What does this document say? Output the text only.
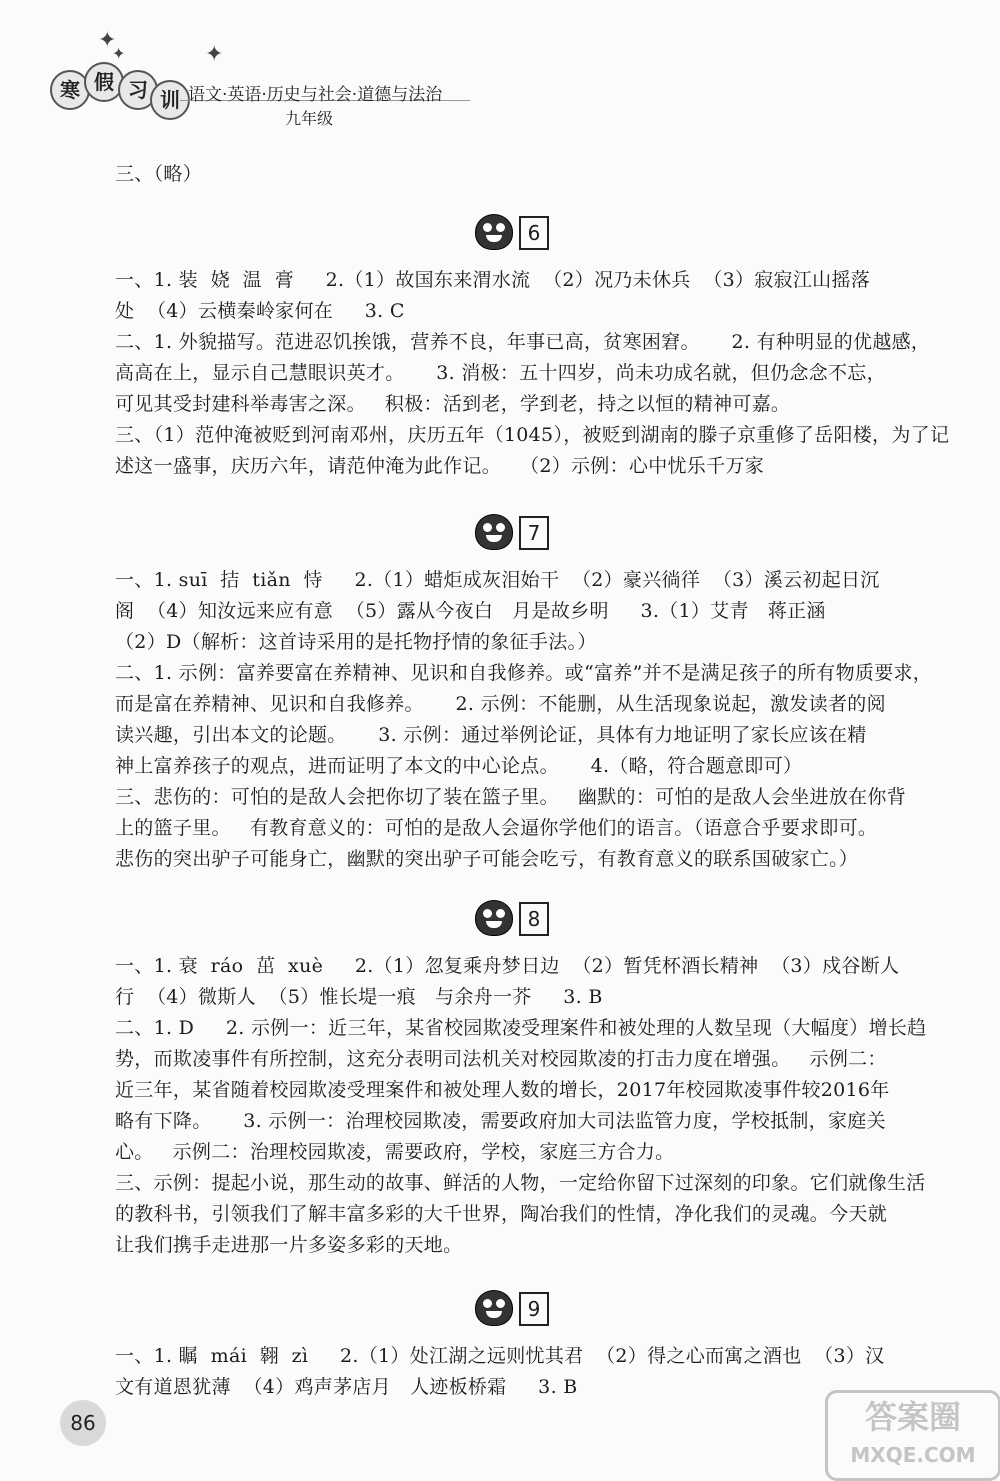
✦
✦	✦
寒 假 习 训 语文·英语·历史与社会·道德与法治
九年级
三、（略）
6
一、1. 装  娆  温  膏     2.（1）故国东来渭水流  （2）况乃未休兵  （3）寂寂江山摇落
处  （4）云横秦岭家何在     3. C
二、1. 外貌描写。范进忍饥挨饿，营养不良，年事已高，贫寒困窘。     2. 有种明显的优越感，
高高在上，显示自己慧眼识英才。     3. 消极：五十四岁，尚未功成名就，但仍念念不忘，
可见其受封建科举毒害之深。   积极：活到老，学到老，持之以恒的精神可嘉。
三、（1）范仲淹被贬到河南邓州，庆历五年（1045），被贬到湖南的滕子京重修了岳阳楼，为了记
述这一盛事，庆历六年，请范仲淹为此作记。   （2）示例：心中忧乐千万家
7
一、1. suī  拮  tiǎn  恃     2.（1）蜡炬成灰泪始干  （2）豪兴徜徉  （3）溪云初起日沉
阁  （4）知汝远来应有意  （5）露从今夜白   月是故乡明     3.（1）艾青   蒋正涵
（2）D（解析：这首诗采用的是托物抒情的象征手法。）
二、1. 示例：富养要富在养精神、见识和自我修养。或“富养”并不是满足孩子的所有物质要求，
而是富在养精神、见识和自我修养。     2. 示例：不能删，从生活现象说起，激发读者的阅
读兴趣，引出本文的论题。     3. 示例：通过举例论证，具体有力地证明了家长应该在精
神上富养孩子的观点，进而证明了本文的中心论点。     4.（略，符合题意即可）
三、悲伤的：可怕的是敌人会把你切了装在篮子里。   幽默的：可怕的是敌人会坐进放在你背
上的篮子里。   有教育意义的：可怕的是敌人会逼你学他们的语言。（语意合乎要求即可。
悲伤的突出驴子可能身亡，幽默的突出驴子可能会吃亏，有教育意义的联系国破家亡。）
8
一、1. 衰  ráo  茁  xuè     2.（1）忽复乘舟梦日边  （2）暂凭杯酒长精神  （3）戍谷断人
行  （4）微斯人  （5）惟长堤一痕   与余舟一芥     3. B
二、1. D     2. 示例一：近三年，某省校园欺凌受理案件和被处理的人数呈现（大幅度）增长趋
势，而欺凌事件有所控制，这充分表明司法机关对校园欺凌的打击力度在增强。   示例二：
近三年，某省随着校园欺凌受理案件和被处理人数的增长，2017年校园欺凌事件较2016年
略有下降。     3. 示例一：治理校园欺凌，需要政府加大司法监管力度，学校抵制，家庭关
心。   示例二：治理校园欺凌，需要政府，学校，家庭三方合力。
三、示例：提起小说，那生动的故事、鲜活的人物，一定给你留下过深刻的印象。它们就像生活
的教科书，引领我们了解丰富多彩的大千世界，陶冶我们的性情，净化我们的灵魂。今天就
让我们携手走进那一片多姿多彩的天地。
9
一、1. 瞩  mái  翱  zì     2.（1）处江湖之远则忧其君  （2）得之心而寓之酒也  （3）汉
文有道恩犹薄  （4）鸡声茅店月   人迹板桥霜     3. B
86	答案圈
MXQE.COM
